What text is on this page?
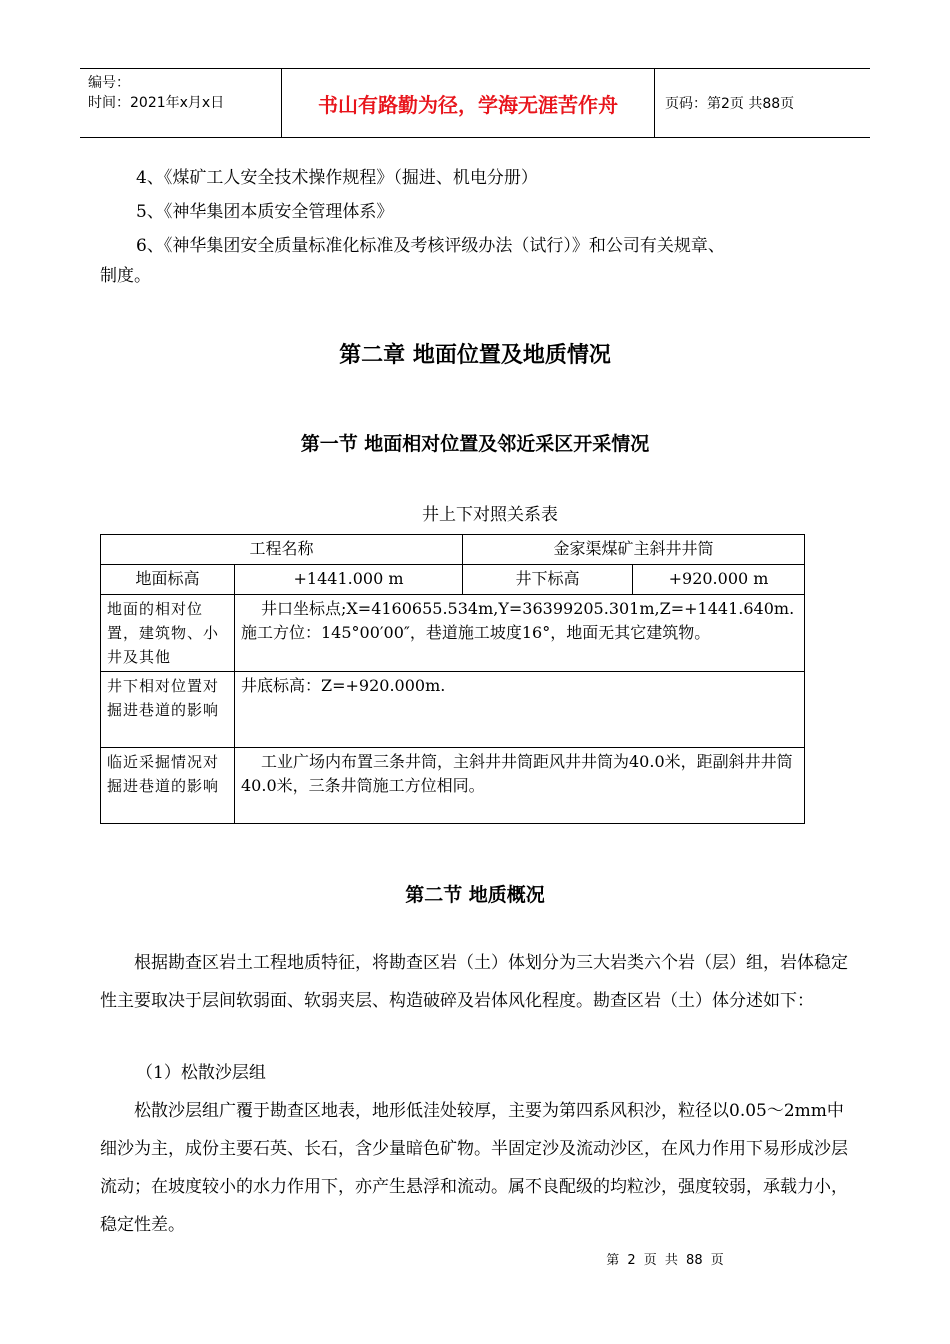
编号：
时间：2021年x月x日	书山有路勤为径，学海无涯苦作舟	页码：第2页 共88页
4、《煤矿工人安全技术操作规程》（掘进、机电分册）
5、《神华集团本质安全管理体系》
6、《神华集团安全质量标准化标准及考核评级办法（试行）》和公司有关规章、
制度。
第二章 地面位置及地质情况
第一节 地面相对位置及邻近采区开采情况
井上下对照关系表
工程名称		金家渠煤矿主斜井井筒	
地面标高	+1441.000 m	井下标高	+920.000 m
地面的相对位置，建筑物、小井及其他	井口坐标点;X=4160655.534m,Y=36399205.301m,Z=+1441.640m.施工方位：145°00′00″，巷道施工坡度16°，地面无其它建筑物。		
井下相对位置对掘进巷道的影响	井底标高：Z=+920.000m.		
临近采掘情况对掘进巷道的影响	工业广场内布置三条井筒，主斜井井筒距风井井筒为40.0米，距副斜井井筒40.0米，三条井筒施工方位相同。		
第二节 地质概况
根据勘查区岩土工程地质特征，将勘查区岩（土）体划分为三大岩类六个岩（层）组，岩体稳定性主要取决于层间软弱面、软弱夹层、构造破碎及岩体风化程度。勘查区岩（土）体分述如下：
（1）松散沙层组
松散沙层组广覆于勘查区地表，地形低洼处较厚，主要为第四系风积沙，粒径以0.05～2mm中细沙为主，成份主要石英、长石，含少量暗色矿物。半固定沙及流动沙区，在风力作用下易形成沙层流动；在坡度较小的水力作用下，亦产生悬浮和流动。属不良配级的均粒沙，强度较弱，承载力小，稳定性差。
第 2 页 共 88 页
